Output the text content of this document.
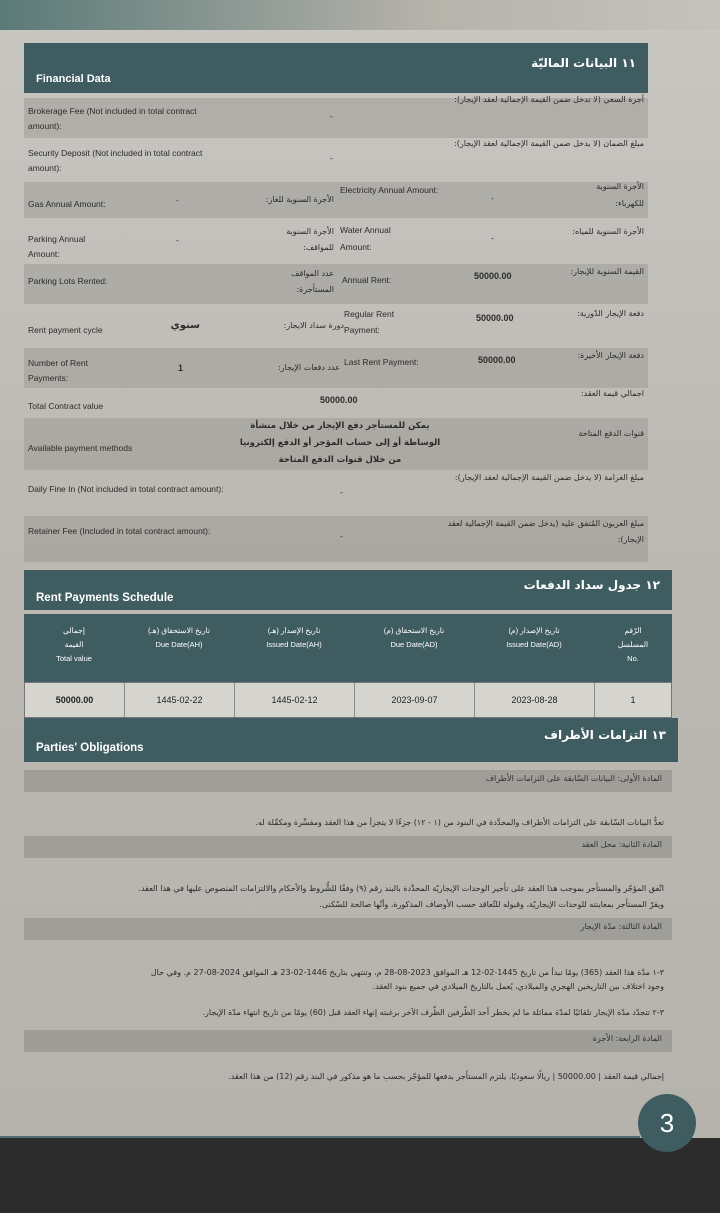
Financial Data
١١ البيانات الماليّة
Brokerage Fee (Not included in total contract amount):
-
أجرة السعي (لا تدخل ضمن القيمة الإجمالية لعقد الإيجار):
Security Deposit (Not included in total contract amount):
-
مبلغ الضمان (لا يدخل ضمن القيمة الإجمالية لعقد الإيجار):
Gas Annual Amount:	-	الأجرة السنوية للغاز:
Electricity Annual Amount:
-
الأجرة السنوية للكهرباء:
Parking Annual Amount:
-
الأجرة السنوية للمواقف:
Water Annual Amount:
-
الأجرة السنوية للمياه:
Parking Lots Rented:
عدد المواقف المستأجرة:
Annual Rent:	50000.00	القيمة السنوية للإيجار:
Rent payment cycle	سنوي	دورة سداد الايجار:
Regular Rent Payment:
50000.00	دفعة الإيجار الدّورية:
Number of Rent Payments:
1	عدد دفعات الإيجار:
Last Rent Payment:	50000.00	دفعة الإيجار الأخيرة:
Total Contract value
50000.00
اجمالي قيمة العقد:
Available payment methods
يمكن للمستأجر دفع الإيجار من خلال منشأة الوساطة أو إلى حساب المؤجر أو الدفع إلكترونيا من خلال قنوات الدفع المتاحة
قنوات الدفع المتاحة
Daily Fine In (Not included in total contract amount):	-
مبلغ الغرامة (لا يدخل ضمن القيمة الإجمالية لعقد الإيجار):
Retainer Fee (Included in total contract amount):	-
مبلغ العربون المُتفق عليه (يدخل ضمن القيمة الإجمالية لعقد الإيجار):
Rent Payments Schedule
١٢ جدول سداد الدفعات
إجمالي القيمة
Total value
تاريخ الاستحقاق (هـ)
Due Date(AH)
تاريخ الإصدار (هـ)
Issued Date(AH)
تاريخ الاستحقاق (م)
Due Date(AD)
تاريخ الإصدار (م)
Issued Date(AD)
الرّقم المسلسل
No.
50000.00	1445-02-22	1445-02-12	2023-09-07	2023-08-28	1
Parties' Obligations
١٣ التزامات الأطراف
المادة الأولى: البيانات السّابقة على التزامات الأطراف
تعدُّ البيانات السّابقة على التزامات الأطراف والمحدَّدة في البنود من (١ - ١٢) جزءًا لا يتجزأ من هذا العقد ومفسِّرة ومكمِّلة له.
المادة الثانية: محل العقد
اتّفق المؤجّر والمستأجر بموجب هذا العقد على تأجير الوحدات الإيجاريّة المحدَّدة بالبند رقم (٩) وفقًا للشُّروط والأحكام والالتزامات المنصوص عليها في هذا العقد.
ويقرّ المستأجر بمعاينته للوحدات الإيجاريّة، وقبوله للتّعاقد حسب الأوصاف المذكورة، وأنّها صالحة للسّكنى.
المادة الثالثة: مدّة الإيجار
٣-١ مدّة هذا العقد (365) يومًا تبدأ من تاريخ 1445-02-12 هـ الموافق 2023-08-28 م، وتنتهي بتاريخ 1446-02-23 هـ الموافق 2024-08-27 م. وفي حال
وجود اختلاف بين التاريخين الهجري والميلادي، يُعمل بالتاريخ الميلادي في جميع بنود العقد.
٣-٢ تتجدّد مدّة الإيجار تلقائيًا لمدّة مماثلة ما لم يخطر أحد الطّرفين الطّرف الآخر برغبته إنهاء العقد قبل (60) يومًا من تاريخ انتهاء مدّة الإيجار.
المادة الرابعة: الأجرة
إجمالي قيمة العقد | 50000.00 | ريالًا سعوديًا، يلتزم المستأجر بدفعها للمؤجّر بحسب ما هو مذكور في البند رقم (12) من هذا العقد.
3
